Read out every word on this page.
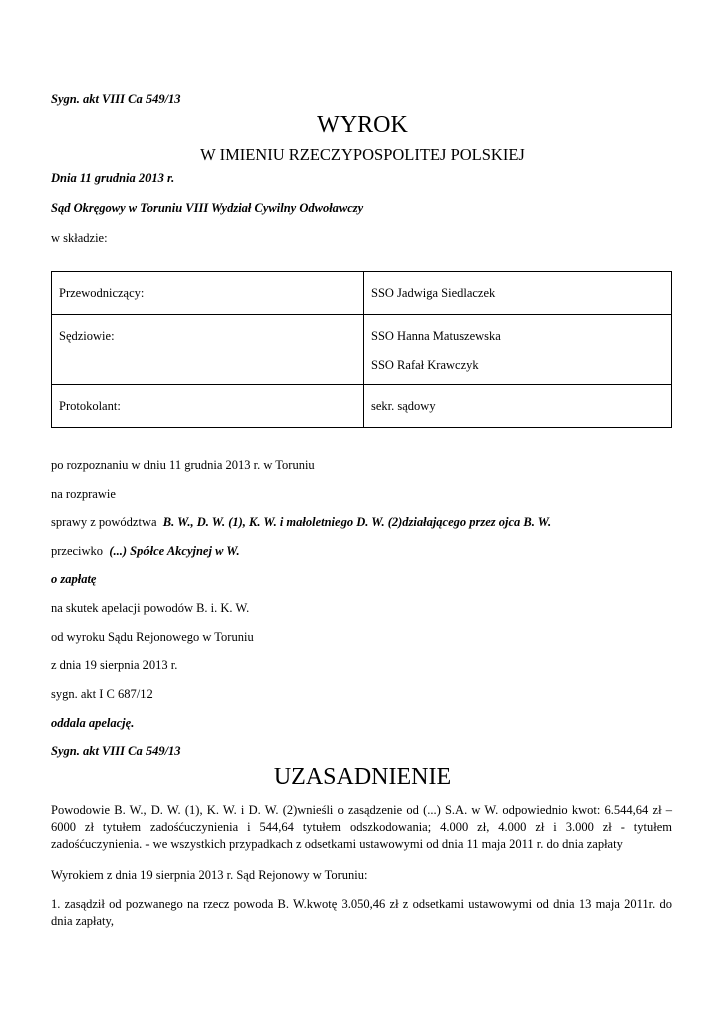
Sygn. akt VIII Ca 549/13
WYROK
W IMIENIU RZECZYPOSPOLITEJ POLSKIEJ
Dnia 11 grudnia 2013 r.
Sąd Okręgowy w Toruniu VIII Wydział Cywilny Odwoławczy
w składzie:
Przewodniczący:	SSO Jadwiga Siedlaczek
Sędziowie:	SSO Hanna Matuszewska
SSO Rafał Krawczyk

Protokolant:	sekr. sądowy
po rozpoznaniu w dniu 11 grudnia 2013 r. w Toruniu
na rozprawie
sprawy z powództwa B. W., D. W. (1), K. W. i małoletniego D. W. (2)działającego przez ojca B. W.
przeciwko (...) Spółce Akcyjnej w W.
o zapłatę
na skutek apelacji powodów B. i. K. W.
od wyroku Sądu Rejonowego w Toruniu
z dnia 19 sierpnia 2013 r.
sygn. akt I C 687/12
oddala apelację.
Sygn. akt VIII Ca 549/13
UZASADNIENIE
Powodowie B. W., D. W. (1), K. W. i D. W. (2)wnieśli o zasądzenie od (...) S.A. w W. odpowiednio kwot: 6.544,64 zł – 6000 zł tytułem zadośćuczynienia i 544,64 tytułem odszkodowania; 4.000 zł, 4.000 zł i 3.000 zł - tytułem zadośćuczynienia. - we wszystkich przypadkach z odsetkami ustawowymi od dnia 11 maja 2011 r. do dnia zapłaty
Wyrokiem z dnia 19 sierpnia 2013 r. Sąd Rejonowy w Toruniu:
1. zasądził od pozwanego na rzecz powoda B. W.kwotę 3.050,46 zł z odsetkami ustawowymi od dnia 13 maja 2011r. do dnia zapłaty,
